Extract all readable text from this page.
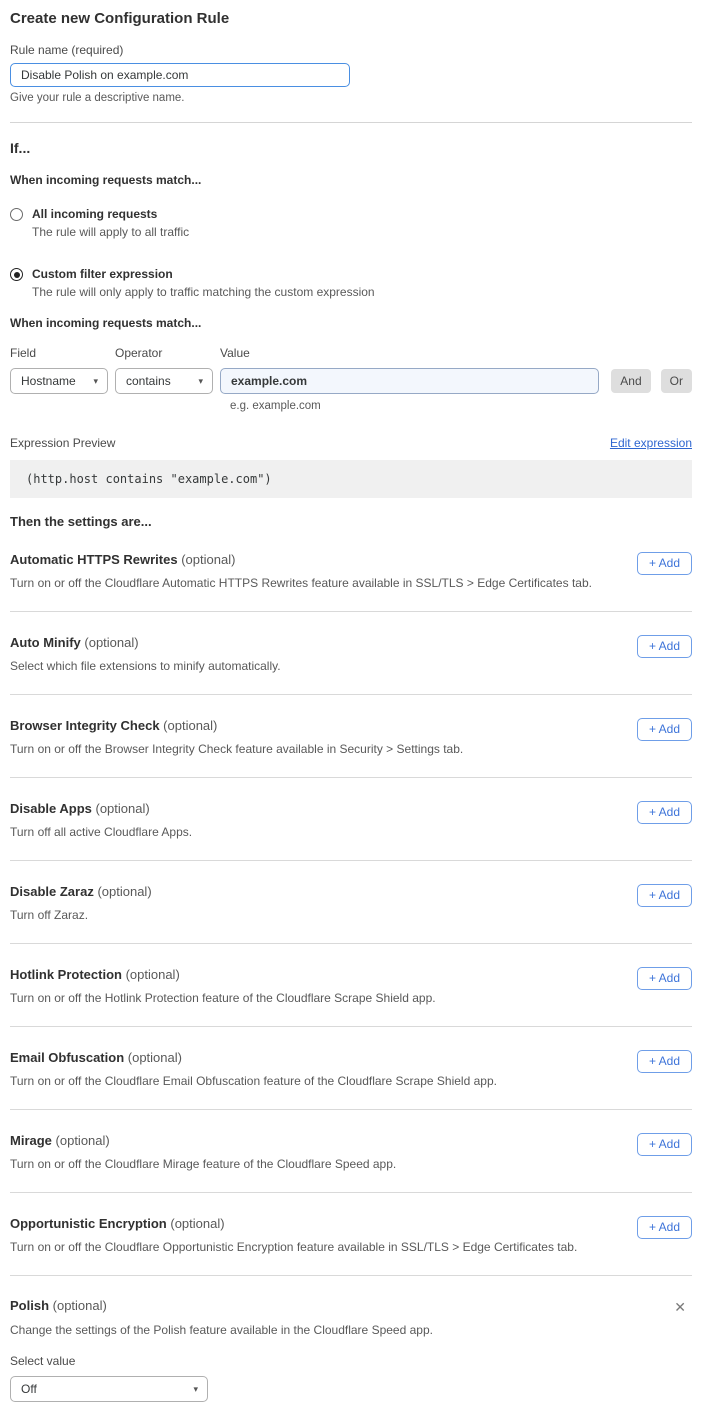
Create new Configuration Rule
Rule name (required)
Disable Polish on example.com
Give your rule a descriptive name.
If...
When incoming requests match...
All incoming requests
The rule will apply to all traffic
Custom filter expression
The rule will only apply to traffic matching the custom expression
When incoming requests match...
Field
Hostname ▾
Operator
contains	▾
Value
example.com
And	Or
e.g. example.com
Expression Preview	Edit expression
(http.host contains "example.com")
Then the settings are...
Automatic HTTPS Rewrites (optional)
Turn on or off the Cloudflare Automatic HTTPS Rewrites feature available in SSL/TLS > Edge Certificates tab.
+ Add
Auto Minify (optional)
Select which file extensions to minify automatically.
+ Add
Browser Integrity Check (optional)
Turn on or off the Browser Integrity Check feature available in Security > Settings tab.
+ Add
Disable Apps (optional)
Turn off all active Cloudflare Apps.
+ Add
Disable Zaraz (optional)
Turn off Zaraz.
+ Add
Hotlink Protection (optional)
Turn on or off the Hotlink Protection feature of the Cloudflare Scrape Shield app.
+ Add
Email Obfuscation (optional)
Turn on or off the Cloudflare Email Obfuscation feature of the Cloudflare Scrape Shield app.
+ Add
Mirage (optional)
Turn on or off the Cloudflare Mirage feature of the Cloudflare Speed app.
+ Add
Opportunistic Encryption (optional)
Turn on or off the Cloudflare Opportunistic Encryption feature available in SSL/TLS > Edge Certificates tab.
+ Add
Polish (optional)	✕
Change the settings of the Polish feature available in the Cloudflare Speed app.
Select value
Off	▾
